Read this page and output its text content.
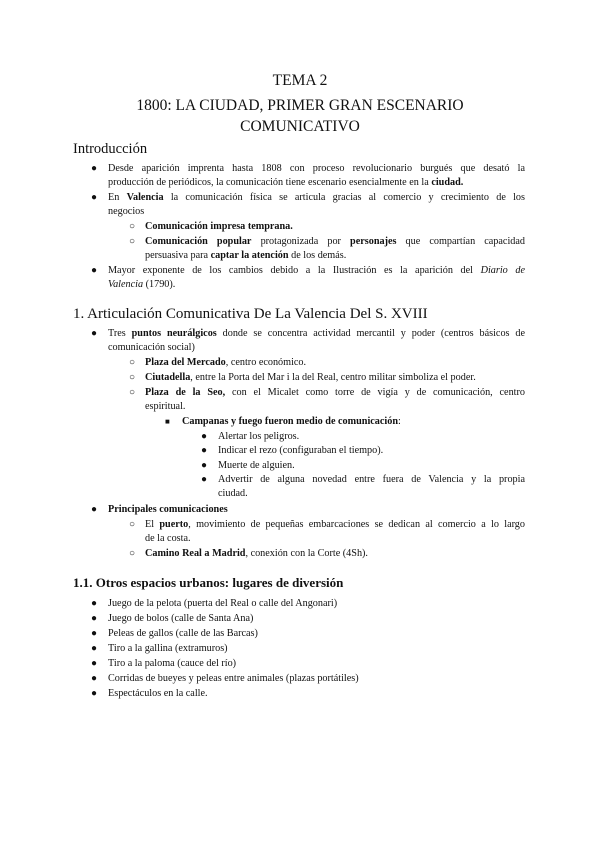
TEMA 2
1800: LA CIUDAD, PRIMER GRAN ESCENARIO
COMUNICATIVO
Introducción
● Desde aparición imprenta hasta 1808 con proceso revolucionario burgués que desató la
producción de periódicos, la comunicación tiene escenario esencialmente en la ciudad.
● En Valencia la comunicación física se articula gracias al comercio y crecimiento de los
negocios
○ Comunicación impresa temprana.
○ Comunicación popular protagonizada por personajes que compartían capacidad
persuasiva para captar la atención de los demás.
● Mayor exponente de los cambios debido a la Ilustración es la aparición del Diario de
Valencia (1790).
1. Articulación Comunicativa De La Valencia Del S. XVIII
● Tres puntos neurálgicos donde se concentra actividad mercantil y poder (centros básicos de
comunicación social)
○ Plaza del Mercado, centro económico.
○ Ciutadella, entre la Porta del Mar i la del Real, centro militar simboliza el poder.
○ Plaza de la Seo, con el Micalet como torre de vigía y de comunicación, centro
espiritual.
■ Campanas y fuego fueron medio de comunicación:
● Alertar los peligros.
● Indicar el rezo (configuraban el tiempo).
● Muerte de alguien.
● Advertir de alguna novedad entre fuera de Valencia y la propia
ciudad.
● Principales comunicaciones
○ El puerto, movimiento de pequeñas embarcaciones se dedican al comercio a lo largo
de la costa.
○ Camino Real a Madrid, conexión con la Corte (4Sh).
1.1. Otros espacios urbanos: lugares de diversión
● Juego de la pelota (puerta del Real o calle del Angonari)
● Juego de bolos (calle de Santa Ana)
● Peleas de gallos (calle de las Barcas)
● Tiro a la gallina (extramuros)
● Tiro a la paloma (cauce del río)
● Corridas de bueyes y peleas entre animales (plazas portátiles)
● Espectáculos en la calle.
